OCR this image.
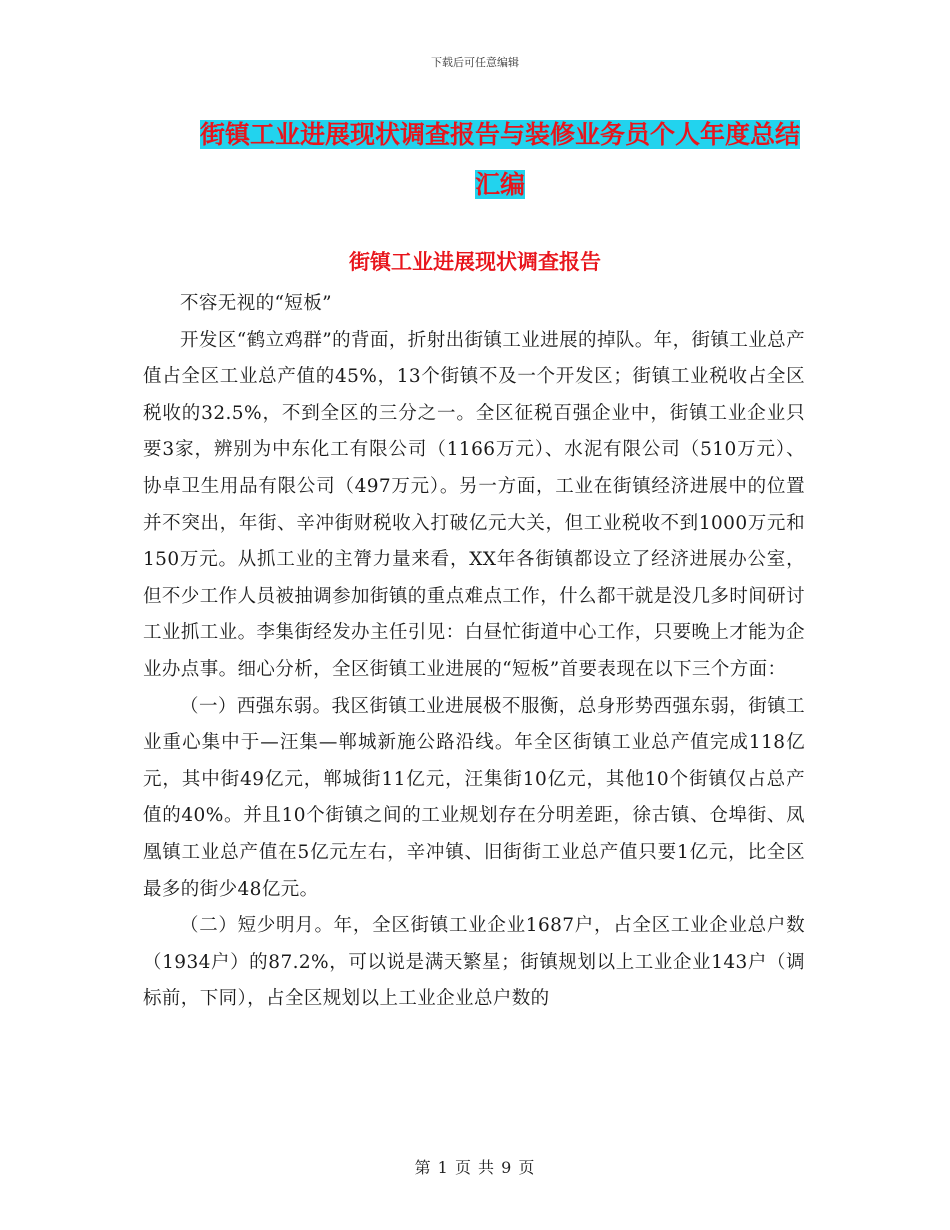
下载后可任意编辑
街镇工业进展现状调查报告与装修业务员个人年度总结汇编
街镇工业进展现状调查报告

不容无视的“短板”

开发区“鹤立鸡群”的背面，折射出街镇工业进展的掉队。年，街镇工业总产值占全区工业总产值的45%，13个街镇不及一个开发区；街镇工业税收占全区税收的32.5%，不到全区的三分之一。全区征税百强企业中，街镇工业企业只要3家，辨别为中东化工有限公司（1166万元）、水泥有限公司（510万元）、协卓卫生用品有限公司（497万元）。另一方面，工业在街镇经济进展中的位置并不突出，年街、辛冲街财税收入打破亿元大关，但工业税收不到1000万元和150万元。从抓工业的主膂力量来看，XX年各街镇都设立了经济进展办公室，但不少工作人员被抽调参加街镇的重点难点工作，什么都干就是没几多时间研讨工业抓工业。李集街经发办主任引见：白昼忙街道中心工作，只要晚上才能为企业办点事。细心分析，全区街镇工业进展的“短板”首要表现在以下三个方面：

（一）西强东弱。我区街镇工业进展极不服衡，总身形势西强东弱，街镇工业重心集中于—汪集—郸城新施公路沿线。年全区街镇工业总产值完成118亿元，其中街49亿元，郸城街11亿元，汪集街10亿元，其他10个街镇仅占总产值的40%。并且10个街镇之间的工业规划存在分明差距，徐古镇、仓埠街、凤凰镇工业总产值在5亿元左右，辛冲镇、旧街街工业总产值只要1亿元，比全区最多的街少48亿元。

（二）短少明月。年，全区街镇工业企业1687户，占全区工业企业总户数（1934户）的87.2%，可以说是满天繁星；街镇规划以上工业企业143户（调标前，下同），占全区规划以上工业企业总户数的

第 1 页 共 9 页
